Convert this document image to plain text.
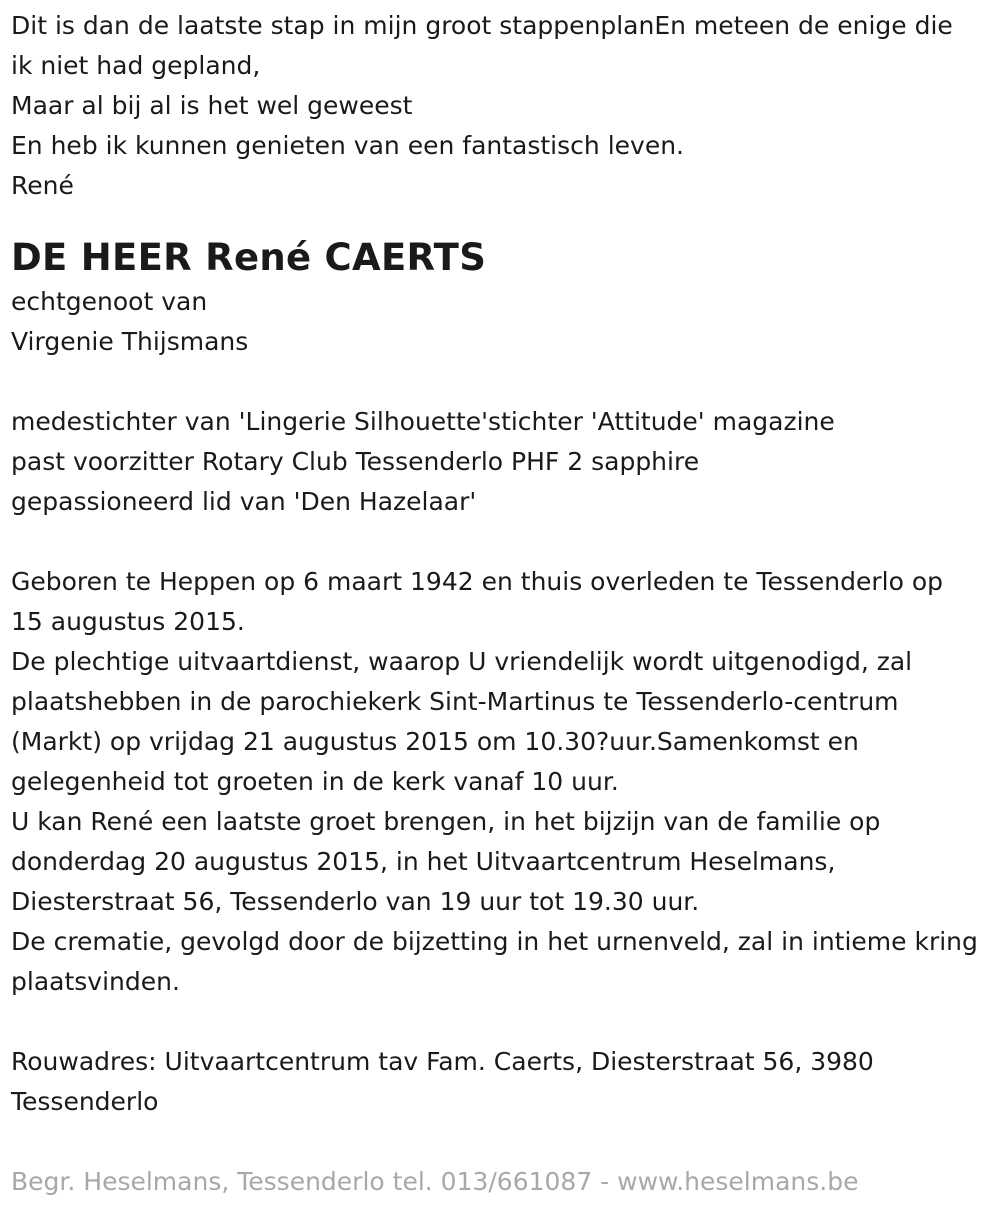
Dit is dan de laatste stap in mijn groot stappenplanEn meteen de enige die ik niet had gepland,

Maar al bij al is het wel geweest

En heb ik kunnen genieten van een fantastisch leven.

René

DE HEER René CAERTS

echtgenoot van

Virgenie Thijsmans

medestichter van 'Lingerie Silhouette'stichter 'Attitude' magazine

past voorzitter Rotary Club Tessenderlo PHF 2 sapphire

gepassioneerd lid van 'Den Hazelaar'

Geboren te Heppen op 6 maart 1942 en thuis overleden te Tessenderlo op 15 augustus 2015.

De plechtige uitvaartdienst, waarop U vriendelijk wordt uitgenodigd, zal plaatshebben in de parochiekerk Sint-Martinus te Tessenderlo-centrum (Markt) op vrijdag 21 augustus 2015 om 10.30?uur.Samenkomst en gelegenheid tot groeten in de kerk vanaf 10 uur.

U kan René een laatste groet brengen, in het bijzijn van de familie op donderdag 20 augustus 2015, in het Uitvaartcentrum Heselmans, Diesterstraat 56, Tessenderlo van 19 uur tot 19.30 uur.

De crematie, gevolgd door de bijzetting in het urnenveld, zal in intieme kring plaatsvinden.

Rouwadres: Uitvaartcentrum tav Fam. Caerts, Diesterstraat 56, 3980 Tessenderlo

Begr. Heselmans, Tessenderlo tel. 013/661087 - www.heselmans.be
